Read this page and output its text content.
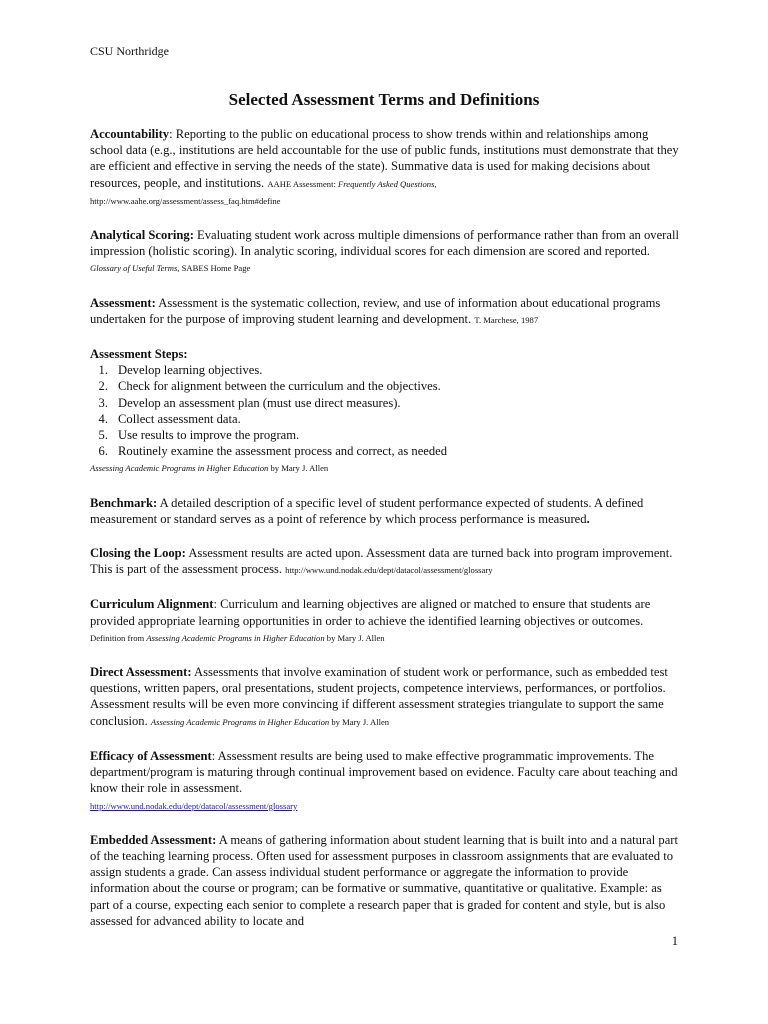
CSU Northridge
Selected Assessment Terms and Definitions
Accountability: Reporting to the public on educational process to show trends within and relationships among school data (e.g., institutions are held accountable for the use of public funds, institutions must demonstrate that they are efficient and effective in serving the needs of the state). Summative data is used for making decisions about resources, people, and institutions. AAHE Assessment: Frequently Asked Questions,
http://www.aahe.org/assessment/assess_faq.htm#define
Analytical Scoring: Evaluating student work across multiple dimensions of performance rather than from an overall impression (holistic scoring). In analytic scoring, individual scores for each dimension are scored and reported. Glossary of Useful Terms, SABES Home Page
Assessment: Assessment is the systematic collection, review, and use of information about educational programs undertaken for the purpose of improving student learning and development. T. Marchese, 1987
Assessment Steps:
1. Develop learning objectives.
2. Check for alignment between the curriculum and the objectives.
3. Develop an assessment plan (must use direct measures).
4. Collect assessment data.
5. Use results to improve the program.
6. Routinely examine the assessment process and correct, as needed
Assessing Academic Programs in Higher Education by Mary J. Allen
Benchmark: A detailed description of a specific level of student performance expected of students. A defined measurement or standard serves as a point of reference by which process performance is measured.
Closing the Loop: Assessment results are acted upon. Assessment data are turned back into program improvement. This is part of the assessment process. http://www.und.nodak.edu/dept/datacol/assessment/glossary
Curriculum Alignment: Curriculum and learning objectives are aligned or matched to ensure that students are provided appropriate learning opportunities in order to achieve the identified learning objectives or outcomes.
Definition from Assessing Academic Programs in Higher Education by Mary J. Allen
Direct Assessment: Assessments that involve examination of student work or performance, such as embedded test questions, written papers, oral presentations, student projects, competence interviews, performances, or portfolios. Assessment results will be even more convincing if different assessment strategies triangulate to support the same conclusion. Assessing Academic Programs in Higher Education by Mary J. Allen
Efficacy of Assessment: Assessment results are being used to make effective programmatic improvements. The department/program is maturing through continual improvement based on evidence. Faculty care about teaching and know their role in assessment.
http://www.und.nodak.edu/dept/datacol/assessment/glossary
Embedded Assessment: A means of gathering information about student learning that is built into and a natural part of the teaching learning process. Often used for assessment purposes in classroom assignments that are evaluated to assign students a grade. Can assess individual student performance or aggregate the information to provide information about the course or program; can be formative or summative, quantitative or qualitative. Example: as part of a course, expecting each senior to complete a research paper that is graded for content and style, but is also assessed for advanced ability to locate and
1
